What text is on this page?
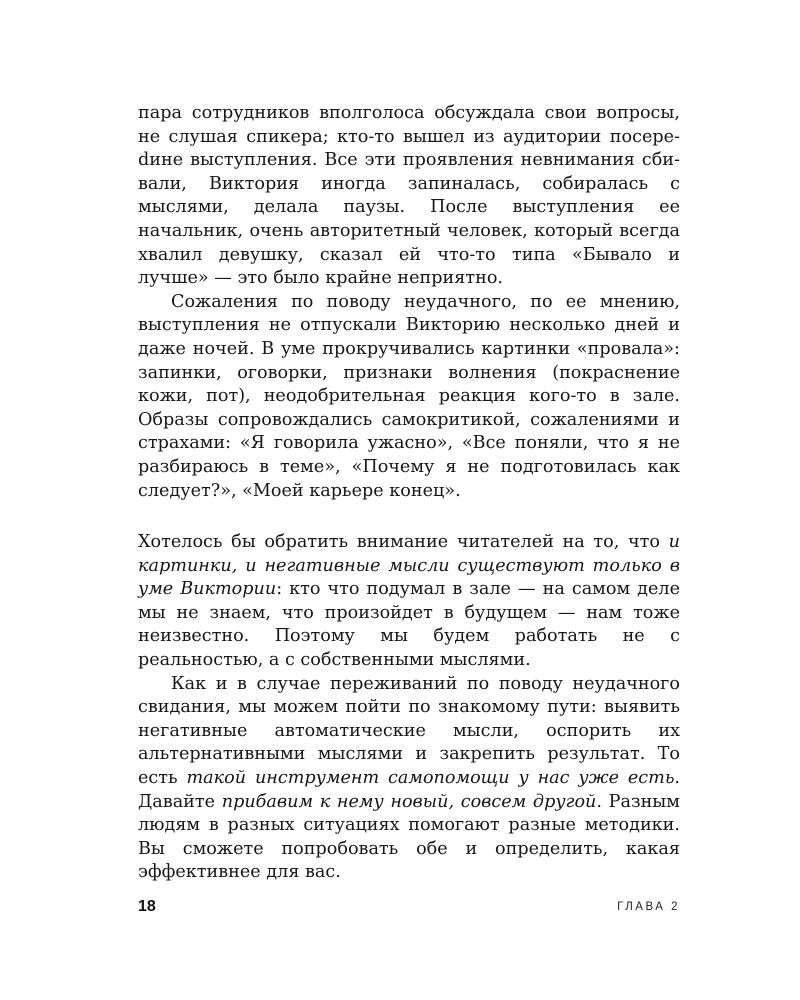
пара сотрудников вполголоса обсуждала свои вопросы, не слушая спикера; кто-то вышел из аудитории посереdине выступления. Все эти проявления невнимания сбивали, Виктория иногда запиналась, собиралась с мыслями, делала паузы. После выступления ее начальник, очень авторитетный человек, который всегда хвалил девушку, сказал ей что-то типа «Бывало и лучше» — это было крайне неприятно.

Сожаления по поводу неудачного, по ее мнению, выступления не отпускали Викторию несколько дней и даже ночей. В уме прокручивались картинки «провала»: запинки, оговорки, признаки волнения (покраснение кожи, пот), неодобрительная реакция кого-то в зале. Образы сопровождались самокритикой, сожалениями и страхами: «Я говорила ужасно», «Все поняли, что я не разбираюсь в теме», «Почему я не подготовилась как следует?», «Моей карьере конец».

Хотелось бы обратить внимание читателей на то, что и картинки, и негативные мысли существуют только в уме Виктории: кто что подумал в зале — на самом деле мы не знаем, что произойдет в будущем — нам тоже неизвестно. Поэтому мы будем работать не с реальностью, а с собственными мыслями.

Как и в случае переживаний по поводу неудачного свидания, мы можем пойти по знакомому пути: выявить негативные автоматические мысли, оспорить их альтернативными мыслями и закрепить результат. То есть такой инструмент самопомощи у нас уже есть. Давайте прибавим к нему новый, совсем другой. Разным людям в разных ситуациях помогают разные методики. Вы сможете попробовать обе и определить, какая эффективнее для вас.

18	ГЛАВА 2
